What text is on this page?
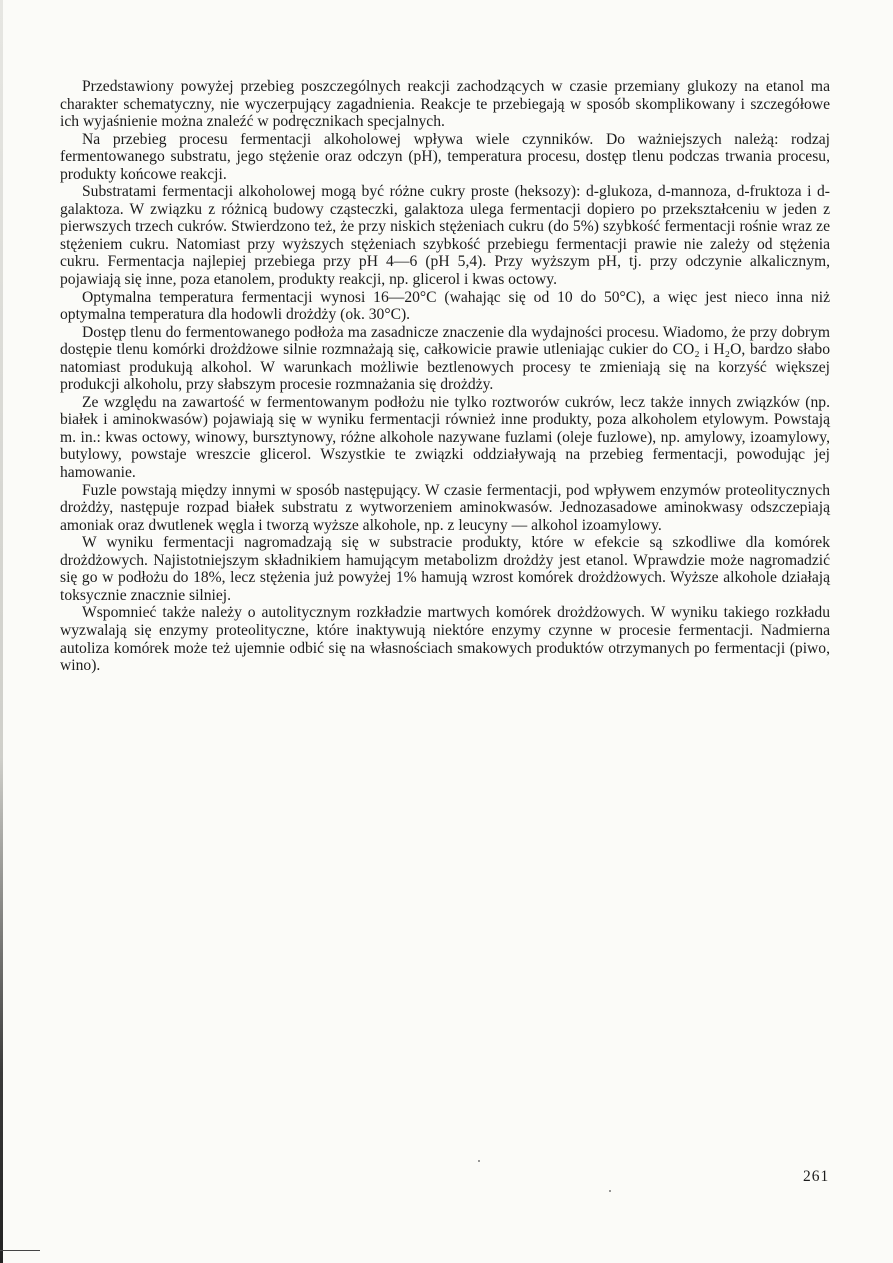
Przedstawiony powyżej przebieg poszczególnych reakcji zachodzących w czasie przemiany glukozy na etanol ma charakter schematyczny, nie wyczerpujący zagadnienia. Reakcje te przebiegają w sposób skomplikowany i szczegółowe ich wyjaśnienie można znaleźć w podręcznikach specjalnych.

Na przebieg procesu fermentacji alkoholowej wpływa wiele czynników. Do ważniejszych należą: rodzaj fermentowanego substratu, jego stężenie oraz odczyn (pH), temperatura procesu, dostęp tlenu podczas trwania procesu, produkty końcowe reakcji.

Substratami fermentacji alkoholowej mogą być różne cukry proste (heksozy): d-glukoza, d-mannoza, d-fruktoza i d-galaktoza. W związku z różnicą budowy cząsteczki, galaktoza ulega fermentacji dopiero po przekształceniu w jeden z pierwszych trzech cukrów. Stwierdzono też, że przy niskich stężeniach cukru (do 5%) szybkość fermentacji rośnie wraz ze stężeniem cukru. Natomiast przy wyższych stężeniach szybkość przebiegu fermentacji prawie nie zależy od stężenia cukru. Fermentacja najlepiej przebiega przy pH 4—6 (pH 5,4). Przy wyższym pH, tj. przy odczynie alkalicznym, pojawiają się inne, poza etanolem, produkty reakcji, np. glicerol i kwas octowy.

Optymalna temperatura fermentacji wynosi 16—20°C (wahając się od 10 do 50°C), a więc jest nieco inna niż optymalna temperatura dla hodowli drożdży (ok. 30°C).

Dostęp tlenu do fermentowanego podłoża ma zasadnicze znaczenie dla wydajności procesu. Wiadomo, że przy dobrym dostępie tlenu komórki drożdżowe silnie rozmnażają się, całkowicie prawie utleniając cukier do CO₂ i H₂O, bardzo słabo natomiast produkują alkohol. W warunkach możliwie beztlenowych procesy te zmieniają się na korzyść większej produkcji alkoholu, przy słabszym procesie rozmnażania się drożdży.

Ze względu na zawartość w fermentowanym podłożu nie tylko roztworów cukrów, lecz także innych związków (np. białek i aminokwasów) pojawiają się w wyniku fermentacji również inne produkty, poza alkoholem etylowym. Powstają m. in.: kwas octowy, winowy, bursztynowy, różne alkohole nazywane fuzlami (oleje fuzlowe), np. amylowy, izoamylowy, butylowy, powstaje wreszcie glicerol. Wszystkie te związki oddziaływają na przebieg fermentacji, powodując jej hamowanie.

Fuzle powstają między innymi w sposób następujący. W czasie fermentacji, pod wpływem enzymów proteolitycznych drożdży, następuje rozpad białek substratu z wytworzeniem aminokwasów. Jednozasadowe aminokwasy odszczepiają amoniak oraz dwutlenek węgla i tworzą wyższe alkohole, np. z leucyny — alkohol izoamylowy.

W wyniku fermentacji nagromadzają się w substracie produkty, które w efekcie są szkodliwe dla komórek drożdżowych. Najistotniejszym składnikiem hamującym metabolizm drożdży jest etanol. Wprawdzie może nagromadzić się go w podłożu do 18%, lecz stężenia już powyżej 1% hamują wzrost komórek drożdżowych. Wyższe alkohole działają toksycznie znacznie silniej.

Wspomnieć także należy o autolitycznym rozkładzie martwych komórek drożdżowych. W wyniku takiego rozkładu wyzwalają się enzymy proteolityczne, które inaktywują niektóre enzymy czynne w procesie fermentacji. Nadmierna autoliza komórek może też ujemnie odbić się na własnościach smakowych produktów otrzymanych po fermentacji (piwo, wino).

261
